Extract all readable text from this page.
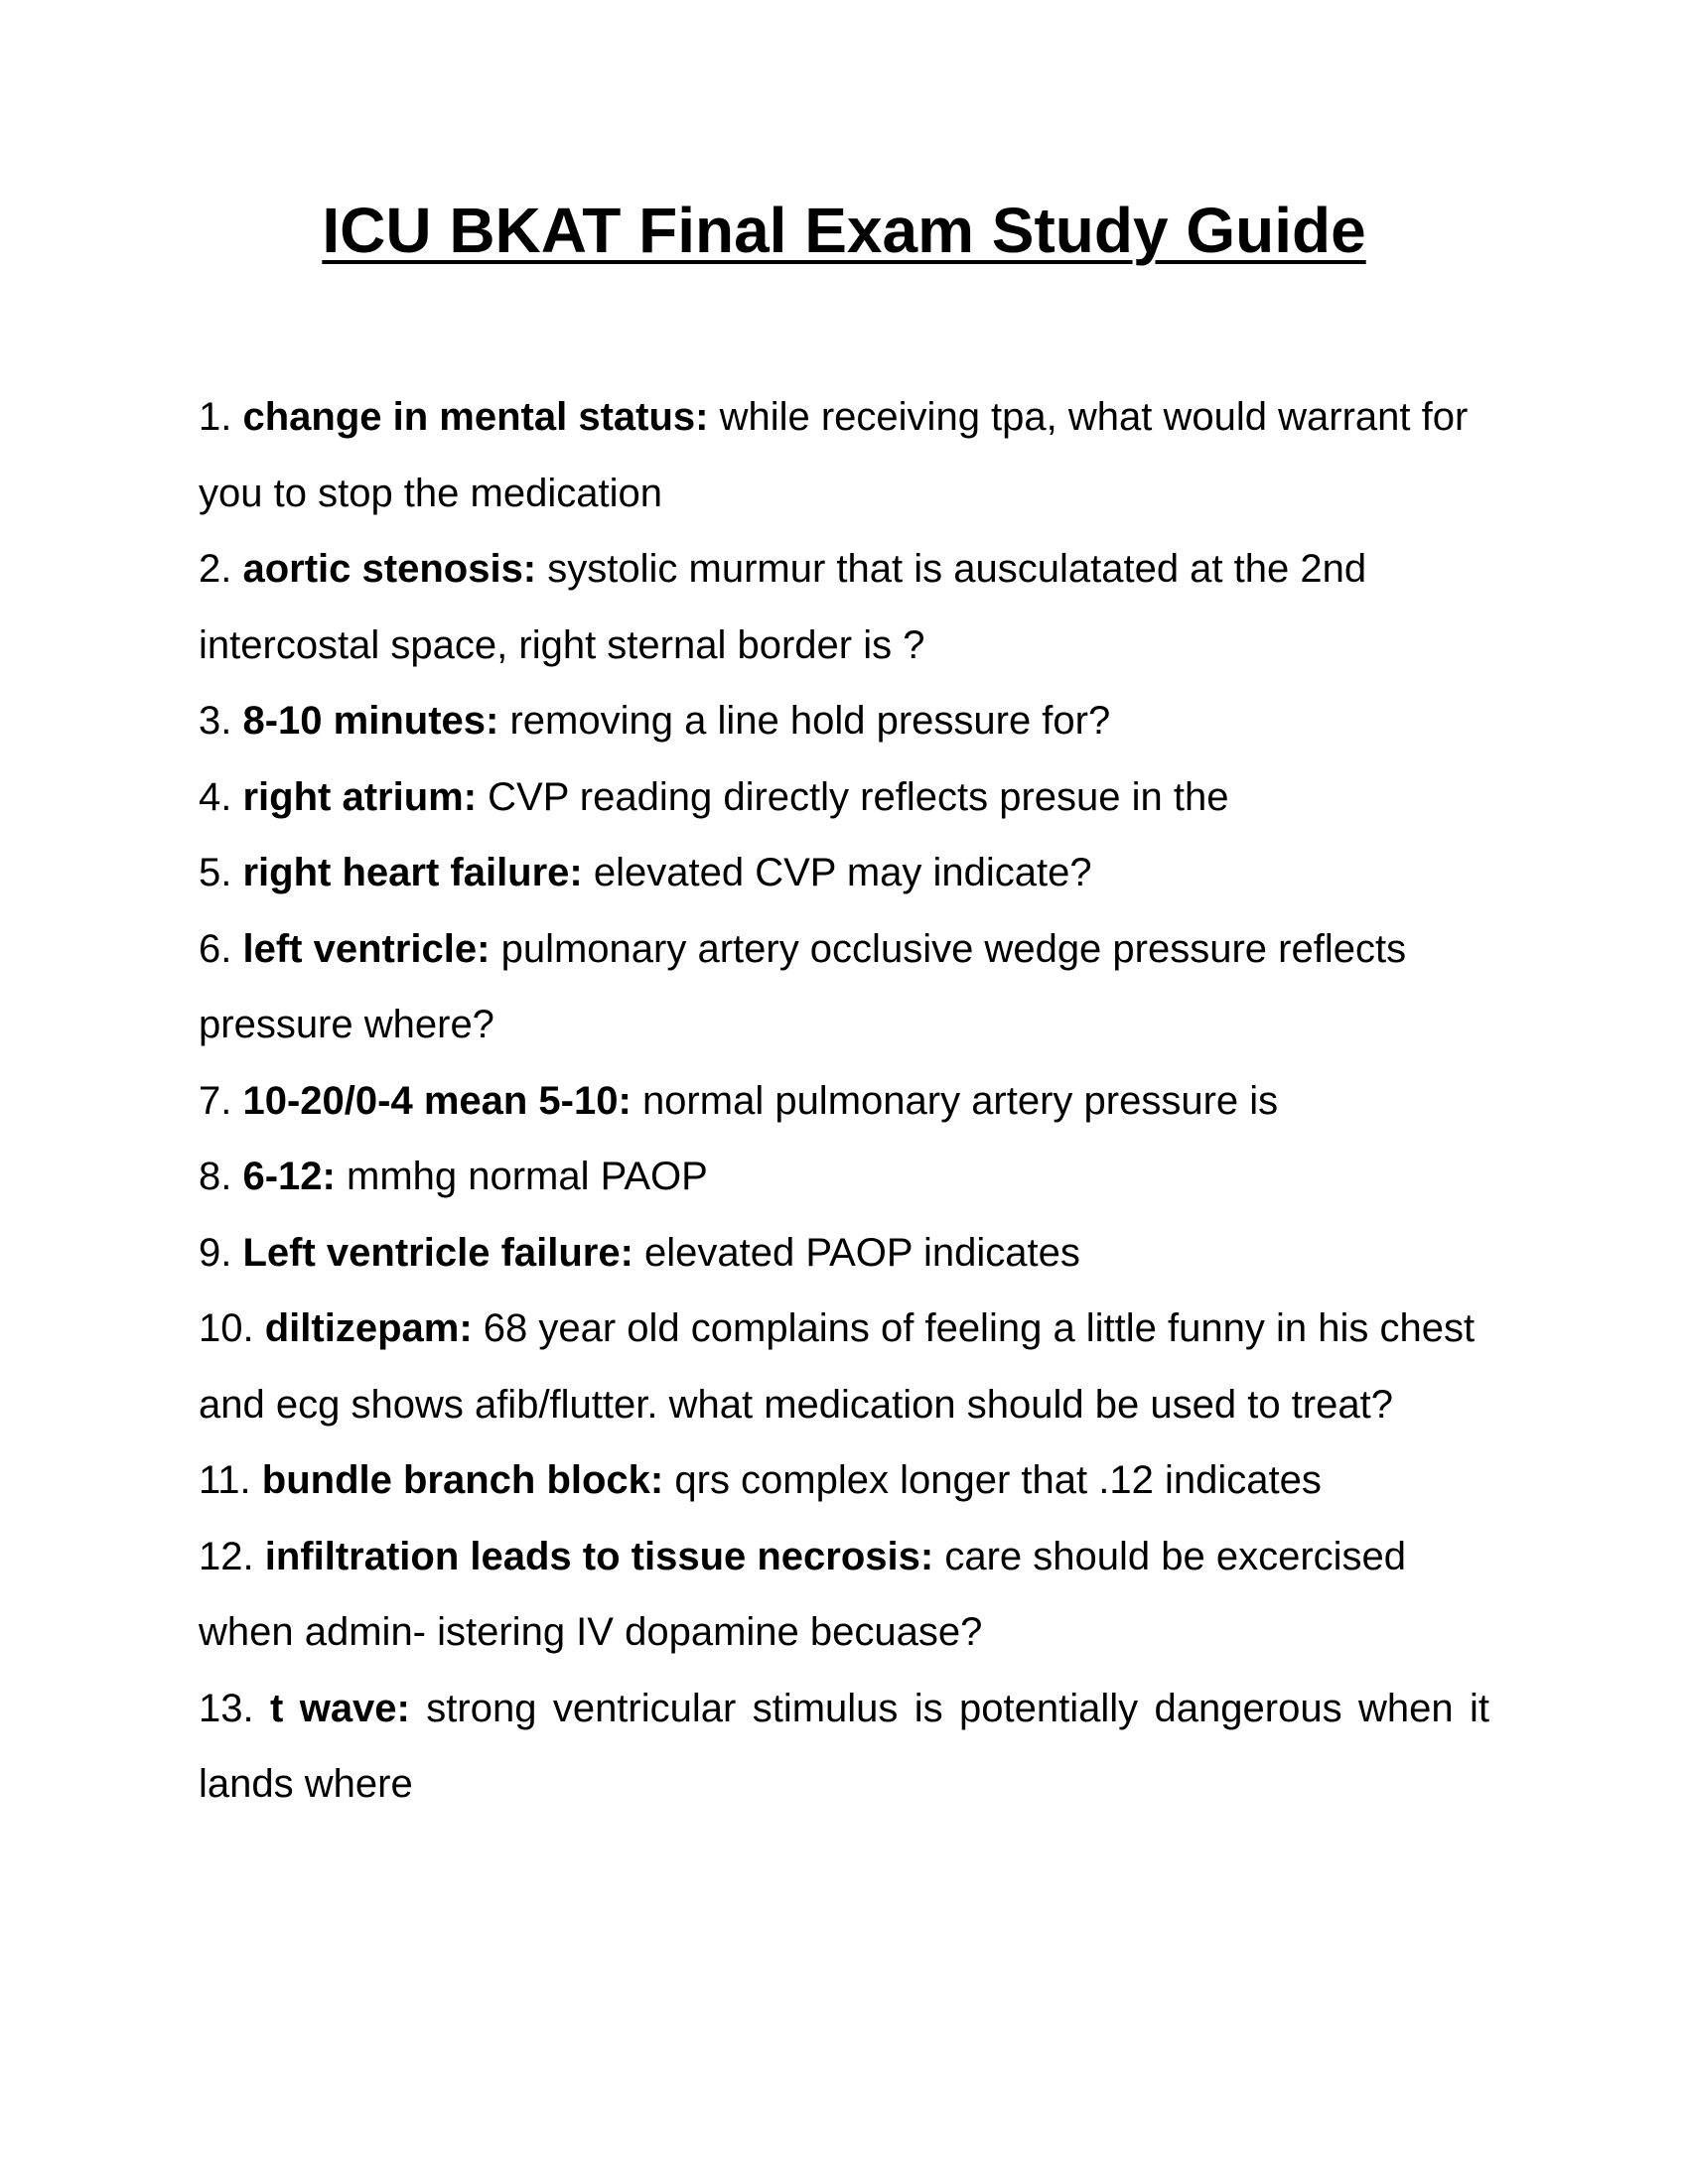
ICU BKAT Final Exam Study Guide
1. change in mental status: while receiving tpa, what would warrant for you to stop the medication
2. aortic stenosis: systolic murmur that is ausculatated at the 2nd intercostal space, right sternal border is ?
3. 8-10 minutes: removing a line hold pressure for?
4. right atrium: CVP reading directly reflects presue in the
5. right heart failure: elevated CVP may indicate?
6. left ventricle: pulmonary artery occlusive wedge pressure reflects pressure where?
7. 10-20/0-4 mean 5-10: normal pulmonary artery pressure is
8. 6-12: mmhg normal PAOP
9. Left ventricle failure: elevated PAOP indicates
10. diltizepam: 68 year old complains of feeling a little funny in his chest and ecg shows afib/flutter. what medication should be used to treat?
11. bundle branch block: qrs complex longer that .12 indicates
12. infiltration leads to tissue necrosis: care should be excercised when admin- istering IV dopamine becuase?
13. t wave: strong ventricular stimulus is potentially dangerous when it lands where
